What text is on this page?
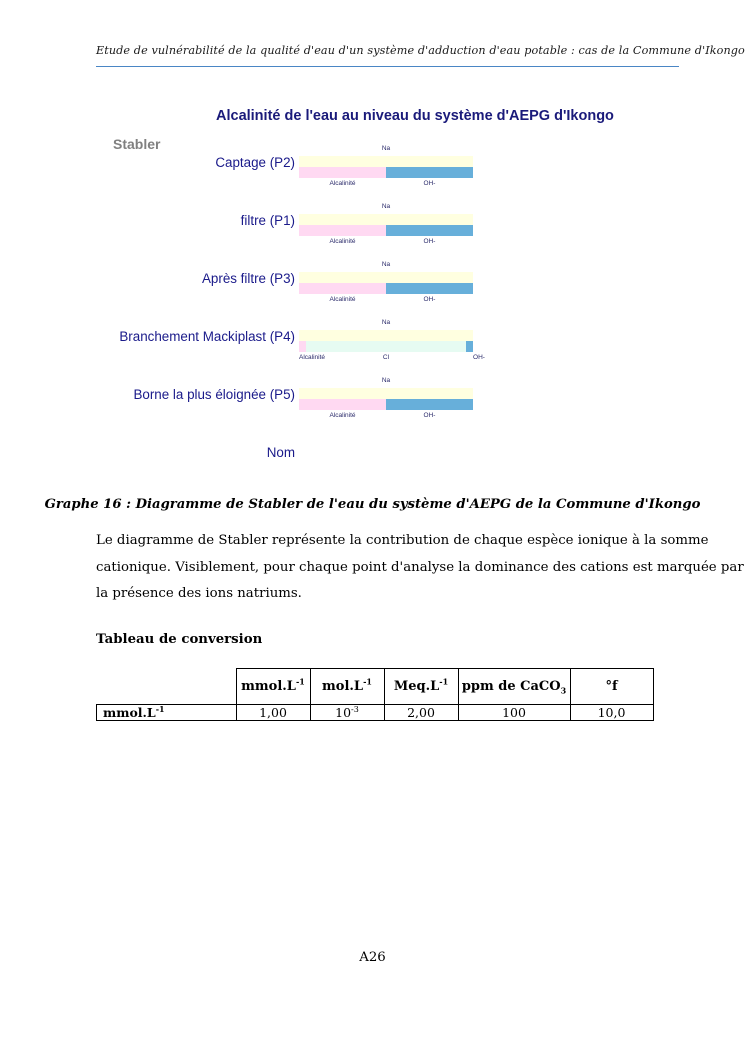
Etude de vulnérabilité de la qualité d'eau d'un système d'adduction d'eau potable : cas de la Commune d'Ikongo
Alcalinité de l'eau au niveau du système d'AEPG d'Ikongo
Stabler
Captage (P2)
filtre (P1)
Après filtre (P3)
Branchement Mackiplast (P4)
Borne la plus éloignée (P5)
Nom
Na
Alcalinité	OH-
Na
Alcalinité	OH-
Na
Alcalinité	OH-
Na
Alcalinité	Cl	OH-
Na
Alcalinité	OH-
Graphe 16 : Diagramme de Stabler de l'eau du système d'AEPG de la Commune d'Ikongo

Le diagramme de Stabler représente la contribution de chaque espèce ionique à la somme

cationique. Visiblement, pour chaque point d'analyse la dominance des cations est marquée par

la présence des ions natriums.

Tableau de conversion
	$mmol.L^{-1}$	$mol.L^{-1}$	$Meq.L^{-1}$	ppm de CaCO$_3$	°f
$mmol.L^{-1}$	1,00	$10^{-3}$	2,00	100	10,0
A26
